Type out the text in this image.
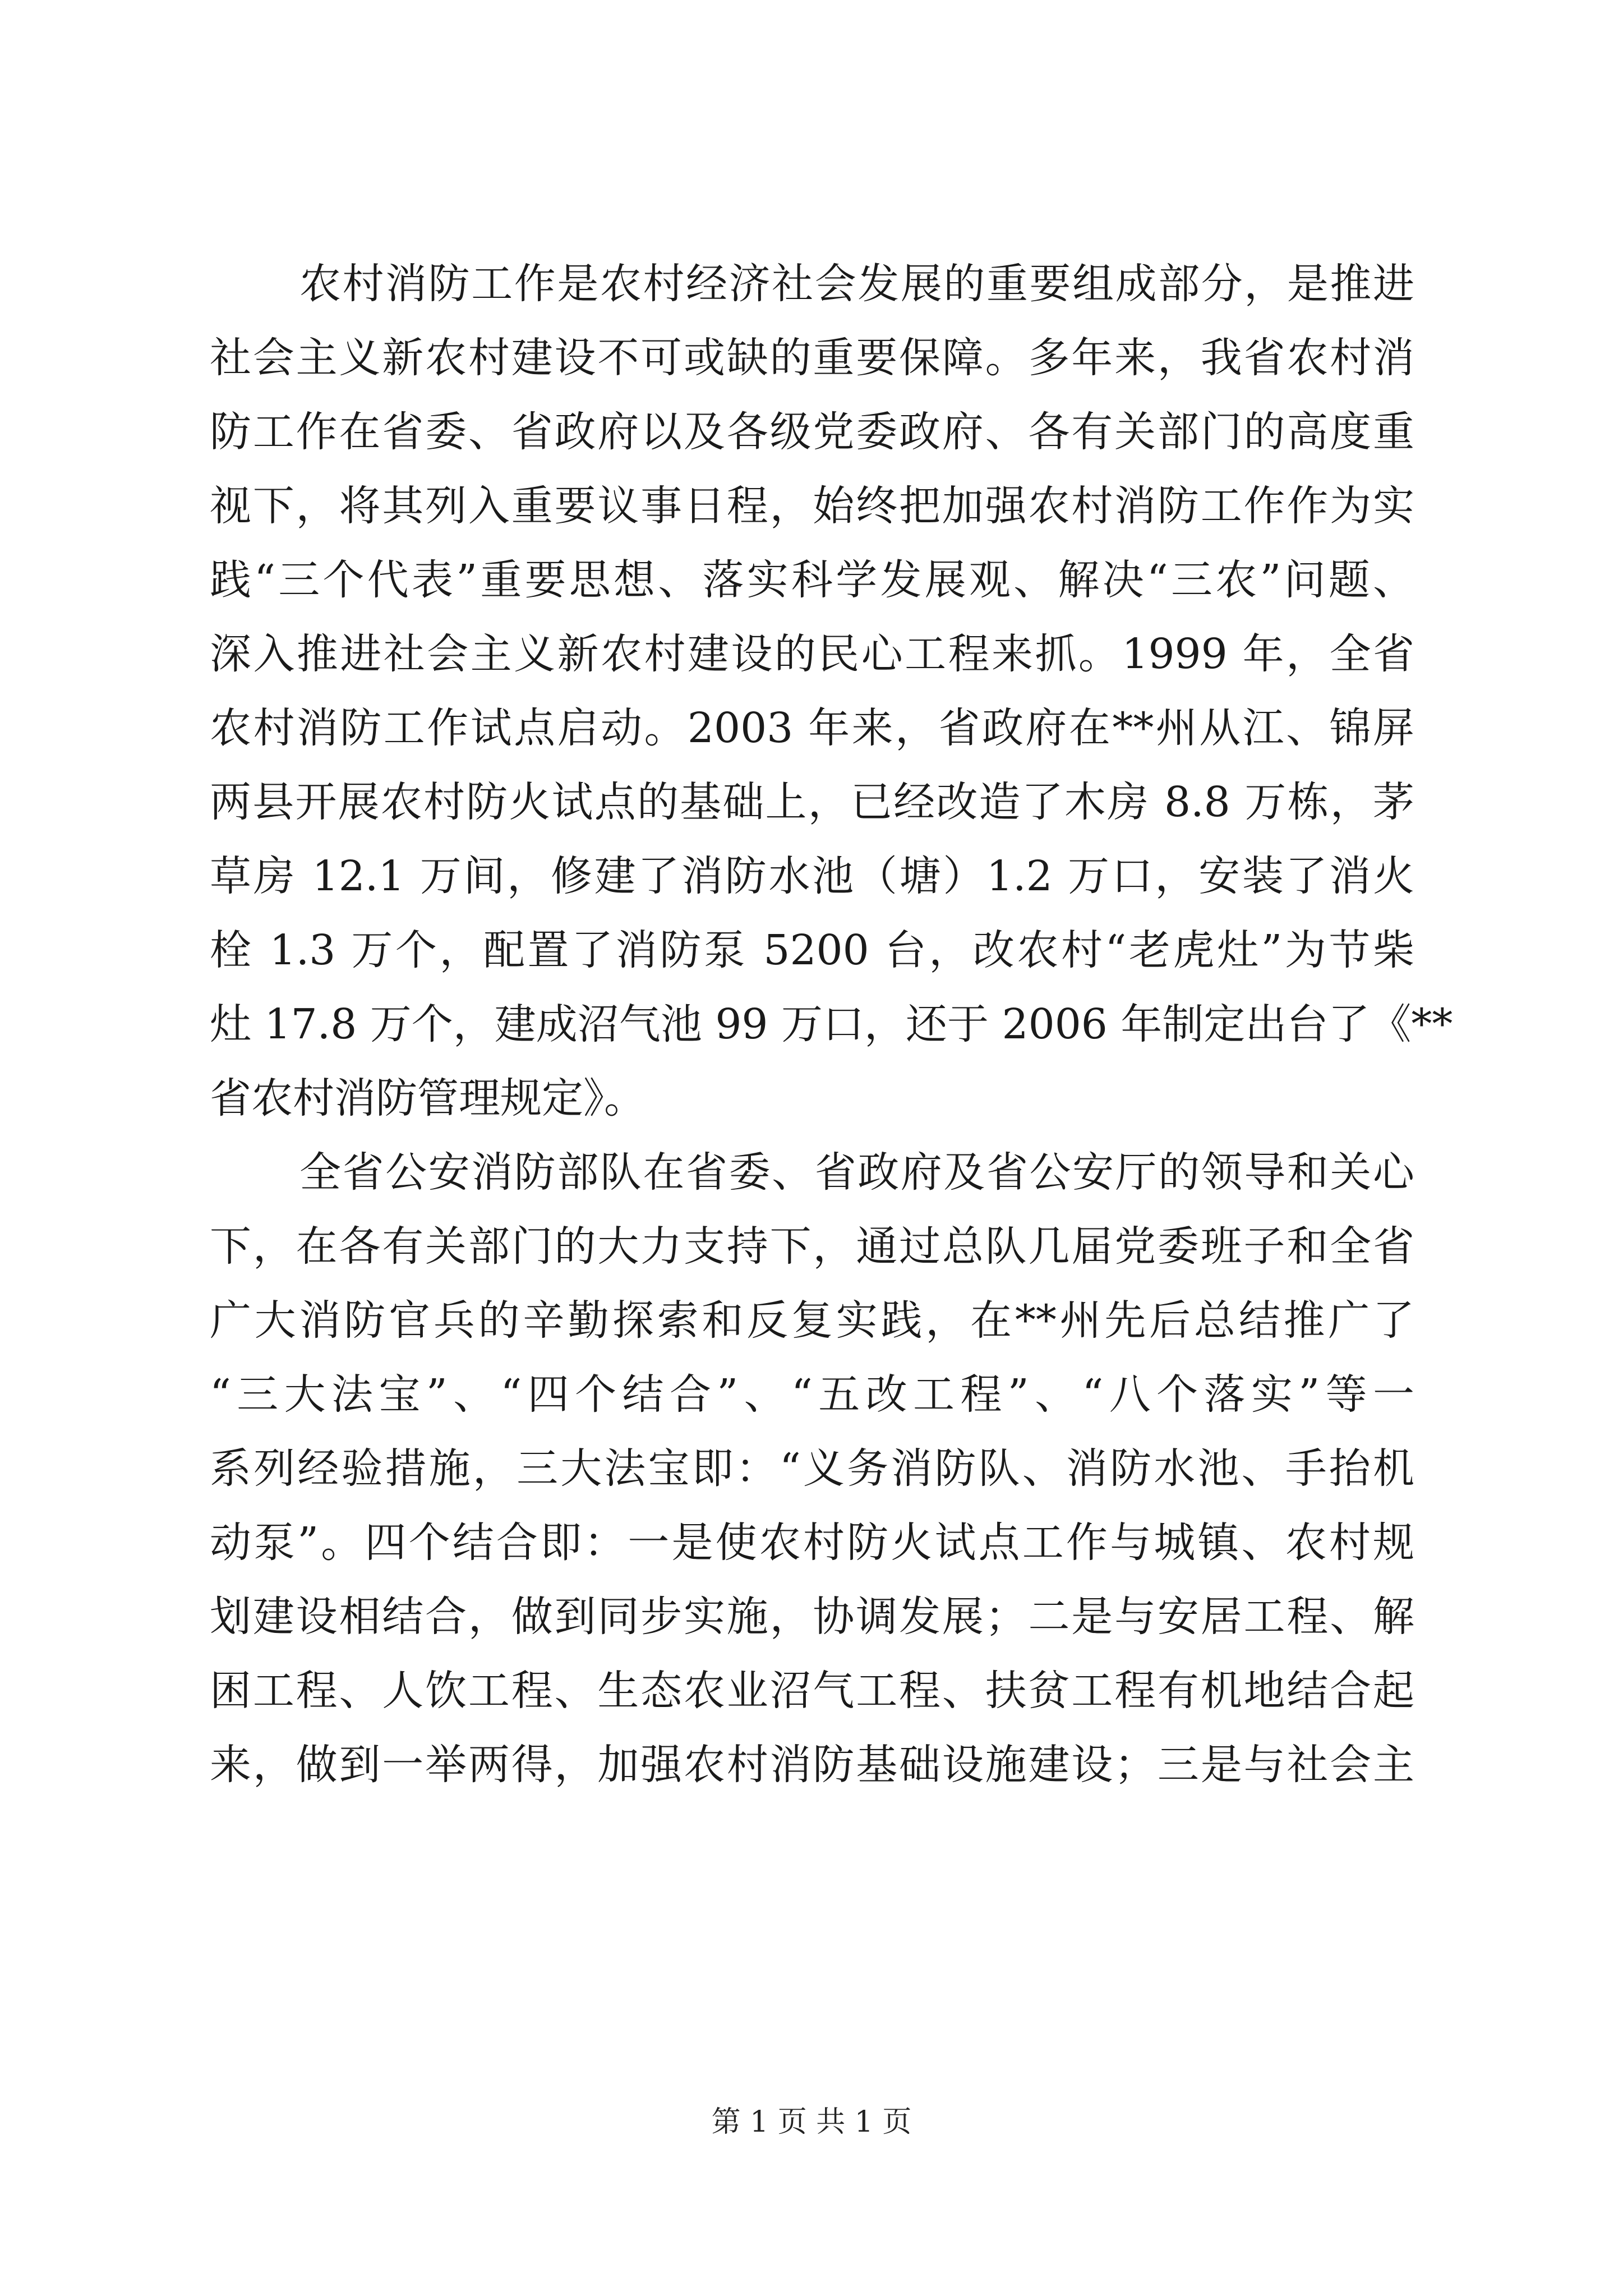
农村消防工作是农村经济社会发展的重要组成部分，是推进
社会主义新农村建设不可或缺的重要保障。多年来，我省农村消
防工作在省委、省政府以及各级党委政府、各有关部门的高度重
视下，将其列入重要议事日程，始终把加强农村消防工作作为实
践“三个代表”重要思想、落实科学发展观、解决“三农”问题、
深入推进社会主义新农村建设的民心工程来抓。1999 年，全省
农村消防工作试点启动。2003 年来，省政府在**州从江、锦屏
两县开展农村防火试点的基础上，已经改造了木房 8.8 万栋，茅
草房 12.1 万间，修建了消防水池（塘）1.2 万口，安装了消火
栓 1.3 万个，配置了消防泵 5200 台，改农村“老虎灶”为节柴
灶 17.8 万个，建成沼气池 99 万口，还于 2006 年制定出台了《**
省农村消防管理规定》。
全省公安消防部队在省委、省政府及省公安厅的领导和关心
下，在各有关部门的大力支持下，通过总队几届党委班子和全省
广大消防官兵的辛勤探索和反复实践，在**州先后总结推广了
“三大法宝”、“四个结合”、“五改工程”、“八个落实”等一
系列经验措施，三大法宝即：“义务消防队、消防水池、手抬机
动泵”。四个结合即：一是使农村防火试点工作与城镇、农村规
划建设相结合，做到同步实施，协调发展；二是与安居工程、解
困工程、人饮工程、生态农业沼气工程、扶贫工程有机地结合起
来，做到一举两得，加强农村消防基础设施建设；三是与社会主
第 1 页 共 1 页
